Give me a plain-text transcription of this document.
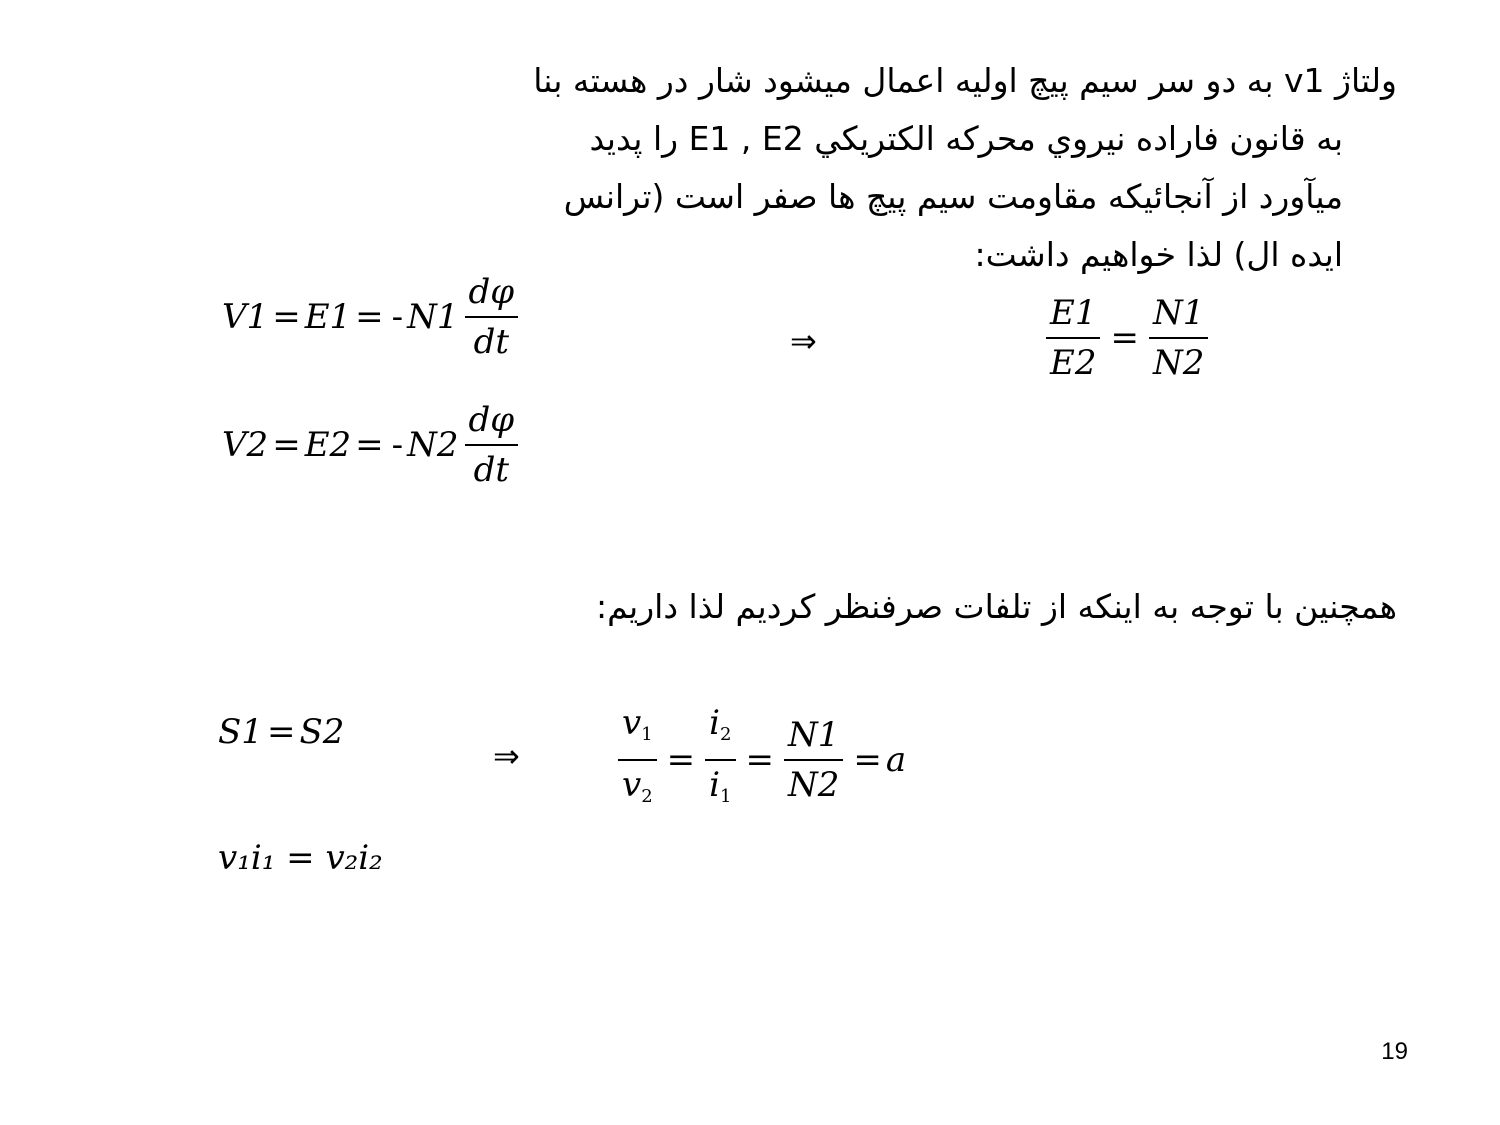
ولتاژ v1 به دو سر سیم پیچ اولیه اعمال میشود شار در هسته بنا
به قانون فاراده نيروي محركه الكتريكي E1 , E2 را پدید
میآورد از آنجائیکه مقاومت سیم پیچ ها صفر است (ترانس
ایده ال) لذا خواهیم داشت:
V1 = E1 = - $N1 \frac{d\varphi}{dt}$	⇒	$\frac{E1}{E2} = \frac{N1}{N2}$
V2 = E2 = - $N2 \frac{d\varphi}{dt}$
همچنین با توجه به اینکه از تلفات صرفنظر کردیم لذا داریم:
S1 = S2
⇒	$\frac{v_1}{v_2} = \frac{i_2}{i_1} = \frac{N1}{N2} = a$
v₁i₁ = v₂i₂
19
